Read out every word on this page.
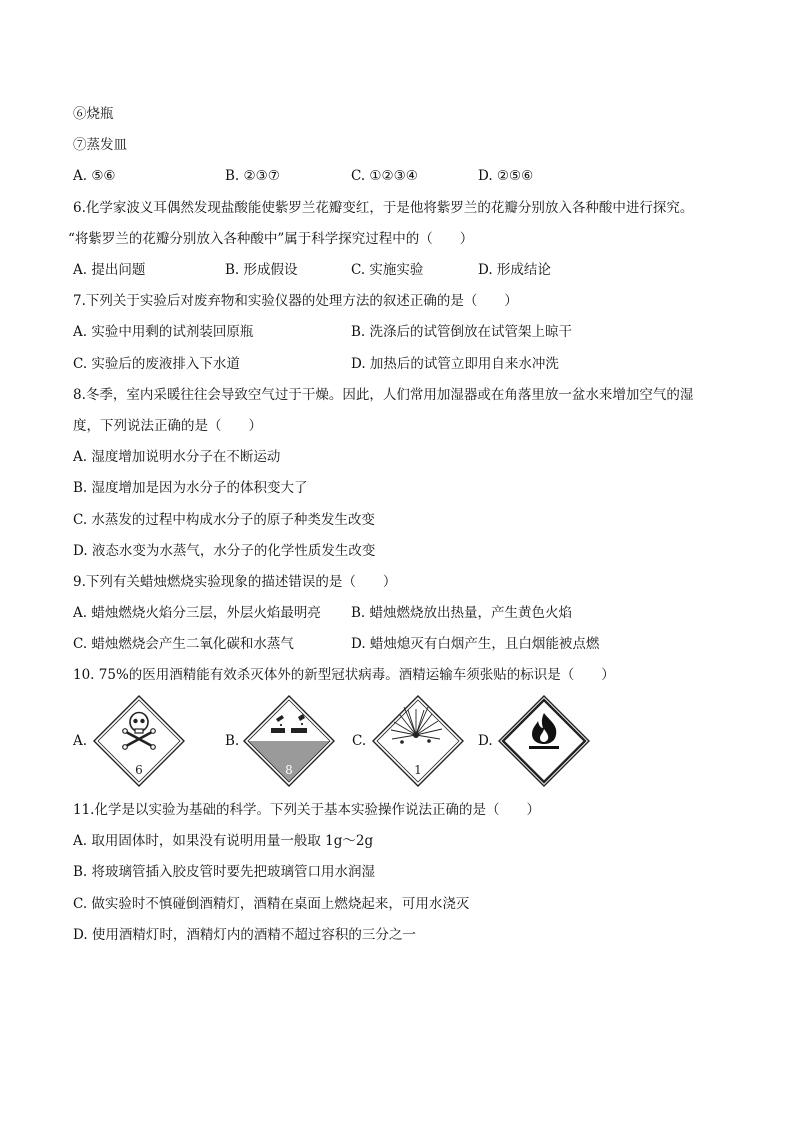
⑥烧瓶
⑦蒸发皿
A. ⑤⑥	B. ②③⑦	C. ①②③④	D. ②⑤⑥
6.化学家波义耳偶然发现盐酸能使紫罗兰花瓣变红，于是他将紫罗兰的花瓣分别放入各种酸中进行探究。
“将紫罗兰的花瓣分别放入各种酸中”属于科学探究过程中的（　　）
A. 提出问题	B. 形成假设	C. 实施实验	D. 形成结论
7.下列关于实验后对废弃物和实验仪器的处理方法的叙述正确的是（　　）
A. 实验中用剩的试剂装回原瓶	B. 洗涤后的试管倒放在试管架上晾干
C. 实验后的废液排入下水道	D. 加热后的试管立即用自来水冲洗
8.冬季，室内采暖往往会导致空气过于干燥。因此，人们常用加湿器或在角落里放一盆水来增加空气的湿
度，下列说法正确的是（　　）
A. 湿度增加说明水分子在不断运动
B. 湿度增加是因为水分子的体积变大了
C. 水蒸发的过程中构成水分子的原子种类发生改变
D. 液态水变为水蒸气，水分子的化学性质发生改变
9.下列有关蜡烛燃烧实验现象的描述错误的是（　　）
A. 蜡烛燃烧火焰分三层，外层火焰最明亮 B. 蜡烛燃烧放出热量，产生黄色火焰
C. 蜡烛燃烧会产生二氧化碳和水蒸气	D. 蜡烛熄灭有白烟产生，且白烟能被点燃
10. 75%的医用酒精能有效杀灭体外的新型冠状病毒。酒精运输车须张贴的标识是（　　）
A.
6
B.
8
C.
1
D.
11.化学是以实验为基础的科学。下列关于基本实验操作说法正确的是（　　）
A. 取用固体时，如果没有说明用量一般取 1g～2g
B. 将玻璃管插入胶皮管时要先把玻璃管口用水润湿
C. 做实验时不慎碰倒酒精灯，酒精在桌面上燃烧起来，可用水浇灭
D. 使用酒精灯时，酒精灯内的酒精不超过容积的三分之一
